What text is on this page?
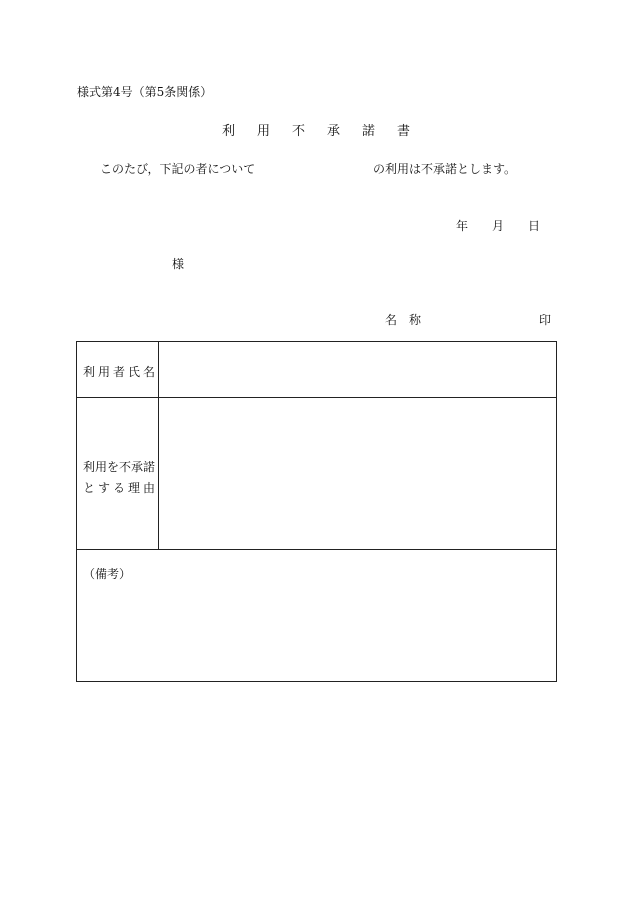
様式第4号（第5条関係）
利用不承諾書
このたび，下記の者について	の利用は不承諾とします。
年 月 日
様
名称	印
利用者氏名
利用を不承諾
とする理由
（備考）
